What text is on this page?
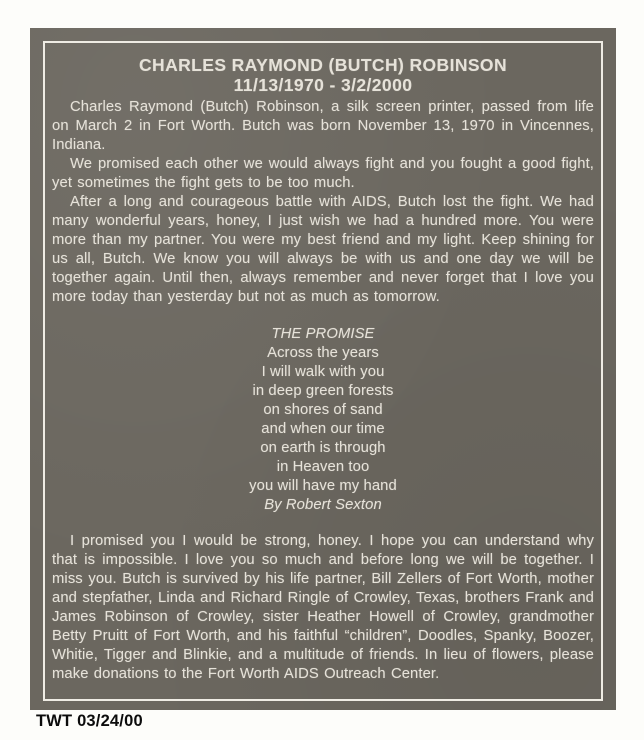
CHARLES RAYMOND (BUTCH) ROBINSON
11/13/1970 - 3/2/2000

Charles Raymond (Butch) Robinson, a silk screen printer, passed from life on March 2 in Fort Worth. Butch was born November 13, 1970 in Vincennes, Indiana.

We promised each other we would always fight and you fought a good fight, yet sometimes the fight gets to be too much.

After a long and courageous battle with AIDS, Butch lost the fight. We had many wonderful years, honey, I just wish we had a hundred more. You were more than my partner. You were my best friend and my light. Keep shining for us all, Butch. We know you will always be with us and one day we will be together again. Until then, always remember and never forget that I love you more today than yesterday but not as much as tomorrow.

THE PROMISE
Across the years
I will walk with you
in deep green forests
on shores of sand
and when our time
on earth is through
in Heaven too
you will have my hand
By Robert Sexton

I promised you I would be strong, honey. I hope you can understand why that is impossible. I love you so much and before long we will be together. I miss you. Butch is survived by his life partner, Bill Zellers of Fort Worth, mother and stepfather, Linda and Richard Ringle of Crowley, Texas, brothers Frank and James Robinson of Crowley, sister Heather Howell of Crowley, grandmother Betty Pruitt of Fort Worth, and his faithful “children”, Doodles, Spanky, Boozer, Whitie, Tigger and Blinkie, and a multitude of friends. In lieu of flowers, please make donations to the Fort Worth AIDS Outreach Center.

TWT 03/24/00
